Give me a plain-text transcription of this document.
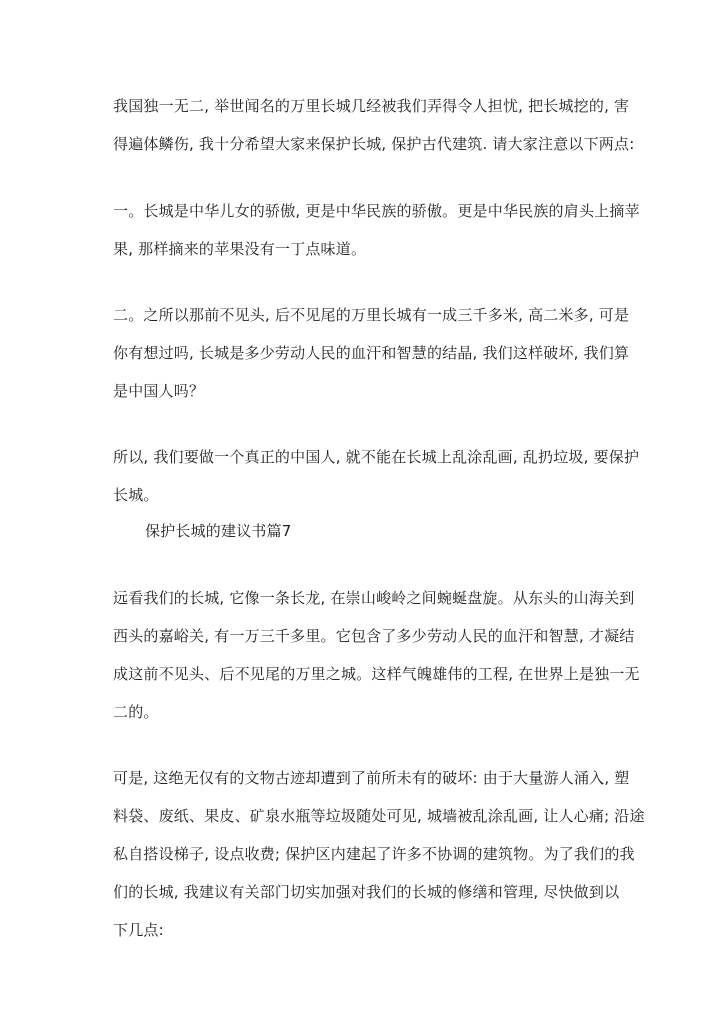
我国独一无二, 举世闻名的万里长城几经被我们弄得令人担忧, 把长城挖的, 害
得遍体鳞伤, 我十分希望大家来保护长城, 保护古代建筑. 请大家注意以下两点:
一。长城是中华儿女的骄傲, 更是中华民族的骄傲。更是中华民族的肩头上摘苹
果, 那样摘来的苹果没有一丁点味道。
二。之所以那前不见头, 后不见尾的万里长城有一成三千多米, 高二米多, 可是
你有想过吗, 长城是多少劳动人民的血汗和智慧的结晶, 我们这样破坏, 我们算
是中国人吗？
所以, 我们要做一个真正的中国人, 就不能在长城上乱涂乱画, 乱扔垃圾, 要保护
长城。
保护长城的建议书篇7
远看我们的长城, 它像一条长龙, 在崇山峻岭之间蜿蜒盘旋。从东头的山海关到
西头的嘉峪关, 有一万三千多里。它包含了多少劳动人民的血汗和智慧, 才凝结
成这前不见头、后不见尾的万里之城。这样气魄雄伟的工程, 在世界上是独一无
二的。
可是, 这绝无仅有的文物古迹却遭到了前所未有的破坏: 由于大量游人涌入, 塑
料袋、废纸、果皮、矿泉水瓶等垃圾随处可见, 城墙被乱涂乱画, 让人心痛; 沿途
私自搭设梯子, 设点收费; 保护区内建起了许多不协调的建筑物。为了我们的我
们的长城, 我建议有关部门切实加强对我们的长城的修缮和管理, 尽快做到以
下几点:
